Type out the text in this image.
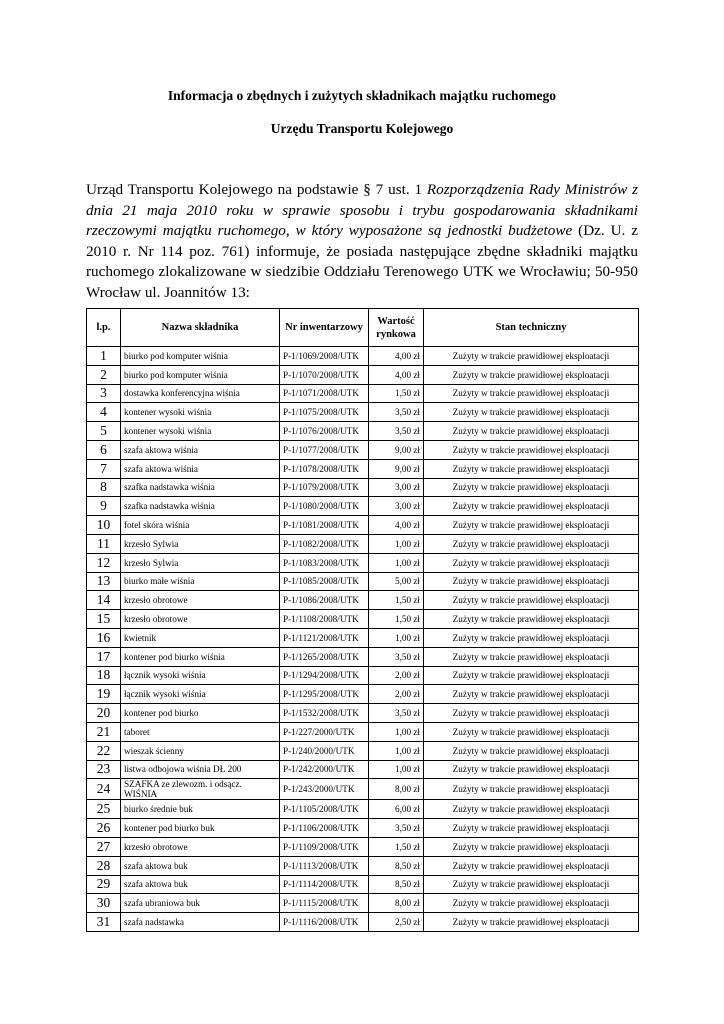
Informacja o zbędnych i zużytych składnikach majątku ruchomego
Urzędu Transportu Kolejowego
Urząd Transportu Kolejowego na podstawie § 7 ust. 1 Rozporządzenia Rady Ministrów z dnia 21 maja 2010 roku w sprawie sposobu i trybu gospodarowania składnikami rzeczowymi majątku ruchomego, w który wyposażone są jednostki budżetowe (Dz. U. z 2010 r. Nr 114 poz. 761) informuje, że posiada następujące zbędne składniki majątku ruchomego zlokalizowane w siedzibie Oddziału Terenowego UTK we Wrocławiu; 50-950 Wrocław ul. Joannitów 13:
l.p.	Nazwa składnika	Nr inwentarzowy	Wartość rynkowa	Stan techniczny
1	biurko pod komputer wiśnia	P-1/1069/2008/UTK	4,00 zł	Zużyty w trakcie prawidłowej eksploatacji
2	biurko pod komputer wiśnia	P-1/1070/2008/UTK	4,00 zł	Zużyty w trakcie prawidłowej eksploatacji
3	dostawka konferencyjna wiśnia	P-1/1071/2008/UTK	1,50 zł	Zużyty w trakcie prawidłowej eksploatacji
4	kontener wysoki wiśnia	P-1/1075/2008/UTK	3,50 zł	Zużyty w trakcie prawidłowej eksploatacji
5	kontener wysoki wiśnia	P-1/1076/2008/UTK	3,50 zł	Zużyty w trakcie prawidłowej eksploatacji
6	szafa aktowa wiśnia	P-1/1077/2008/UTK	9,00 zł	Zużyty w trakcie prawidłowej eksploatacji
7	szafa aktowa wiśnia	P-1/1078/2008/UTK	9,00 zł	Zużyty w trakcie prawidłowej eksploatacji
8	szafka nadstawka wiśnia	P-1/1079/2008/UTK	3,00 zł	Zużyty w trakcie prawidłowej eksploatacji
9	szafka nadstawka wiśnia	P-1/1080/2008/UTK	3,00 zł	Zużyty w trakcie prawidłowej eksploatacji
10	fotel skóra wiśnia	P-1/1081/2008/UTK	4,00 zł	Zużyty w trakcie prawidłowej eksploatacji
11	krzesło Sylwia	P-1/1082/2008/UTK	1,00 zł	Zużyty w trakcie prawidłowej eksploatacji
12	krzesło Sylwia	P-1/1083/2008/UTK	1,00 zł	Zużyty w trakcie prawidłowej eksploatacji
13	biurko małe wiśnia	P-1/1085/2008/UTK	5,00 zł	Zużyty w trakcie prawidłowej eksploatacji
14	krzesło obrotowe	P-1/1086/2008/UTK	1,50 zł	Zużyty w trakcie prawidłowej eksploatacji
15	krzesło obrotowe	P-1/1108/2008/UTK	1,50 zł	Zużyty w trakcie prawidłowej eksploatacji
16	kwietnik	P-1/1121/2008/UTK	1,00 zł	Zużyty w trakcie prawidłowej eksploatacji
17	kontener pod biurko wiśnia	P-1/1265/2008/UTK	3,50 zł	Zużyty w trakcie prawidłowej eksploatacji
18	łącznik wysoki wiśnia	P-1/1294/2008/UTK	2,00 zł	Zużyty w trakcie prawidłowej eksploatacji
19	łącznik wysoki wiśnia	P-1/1295/2008/UTK	2,00 zł	Zużyty w trakcie prawidłowej eksploatacji
20	kontener pod biurko	P-1/1532/2008/UTK	3,50 zł	Zużyty w trakcie prawidłowej eksploatacji
21	taboret	P-1/227/2000/UTK	1,00 zł	Zużyty w trakcie prawidłowej eksploatacji
22	wieszak ścienny	P-1/240/2000/UTK	1,00 zł	Zużyty w trakcie prawidłowej eksploatacji
23	listwa odbojowa wiśnia DŁ 200	P-1/242/2000/UTK	1,00 zł	Zużyty w trakcie prawidłowej eksploatacji
24	SZAFKA ze zlewozm. i odsącz. WIŚNIA	P-1/243/2000/UTK	8,00 zł	Zużyty w trakcie prawidłowej eksploatacji
25	biurko średnie buk	P-1/1105/2008/UTK	6,00 zł	Zużyty w trakcie prawidłowej eksploatacji
26	kontener pod biurko buk	P-1/1106/2008/UTK	3,50 zł	Zużyty w trakcie prawidłowej eksploatacji
27	krzesło obrotowe	P-1/1109/2008/UTK	1,50 zł	Zużyty w trakcie prawidłowej eksploatacji
28	szafa aktowa buk	P-1/1113/2008/UTK	8,50 zł	Zużyty w trakcie prawidłowej eksploatacji
29	szafa aktowa buk	P-1/1114/2008/UTK	8,50 zł	Zużyty w trakcie prawidłowej eksploatacji
30	szafa ubraniowa buk	P-1/1115/2008/UTK	8,00 zł	Zużyty w trakcie prawidłowej eksploatacji
31	szafa nadstawka	P-1/1116/2008/UTK	2,50 zł	Zużyty w trakcie prawidłowej eksploatacji
